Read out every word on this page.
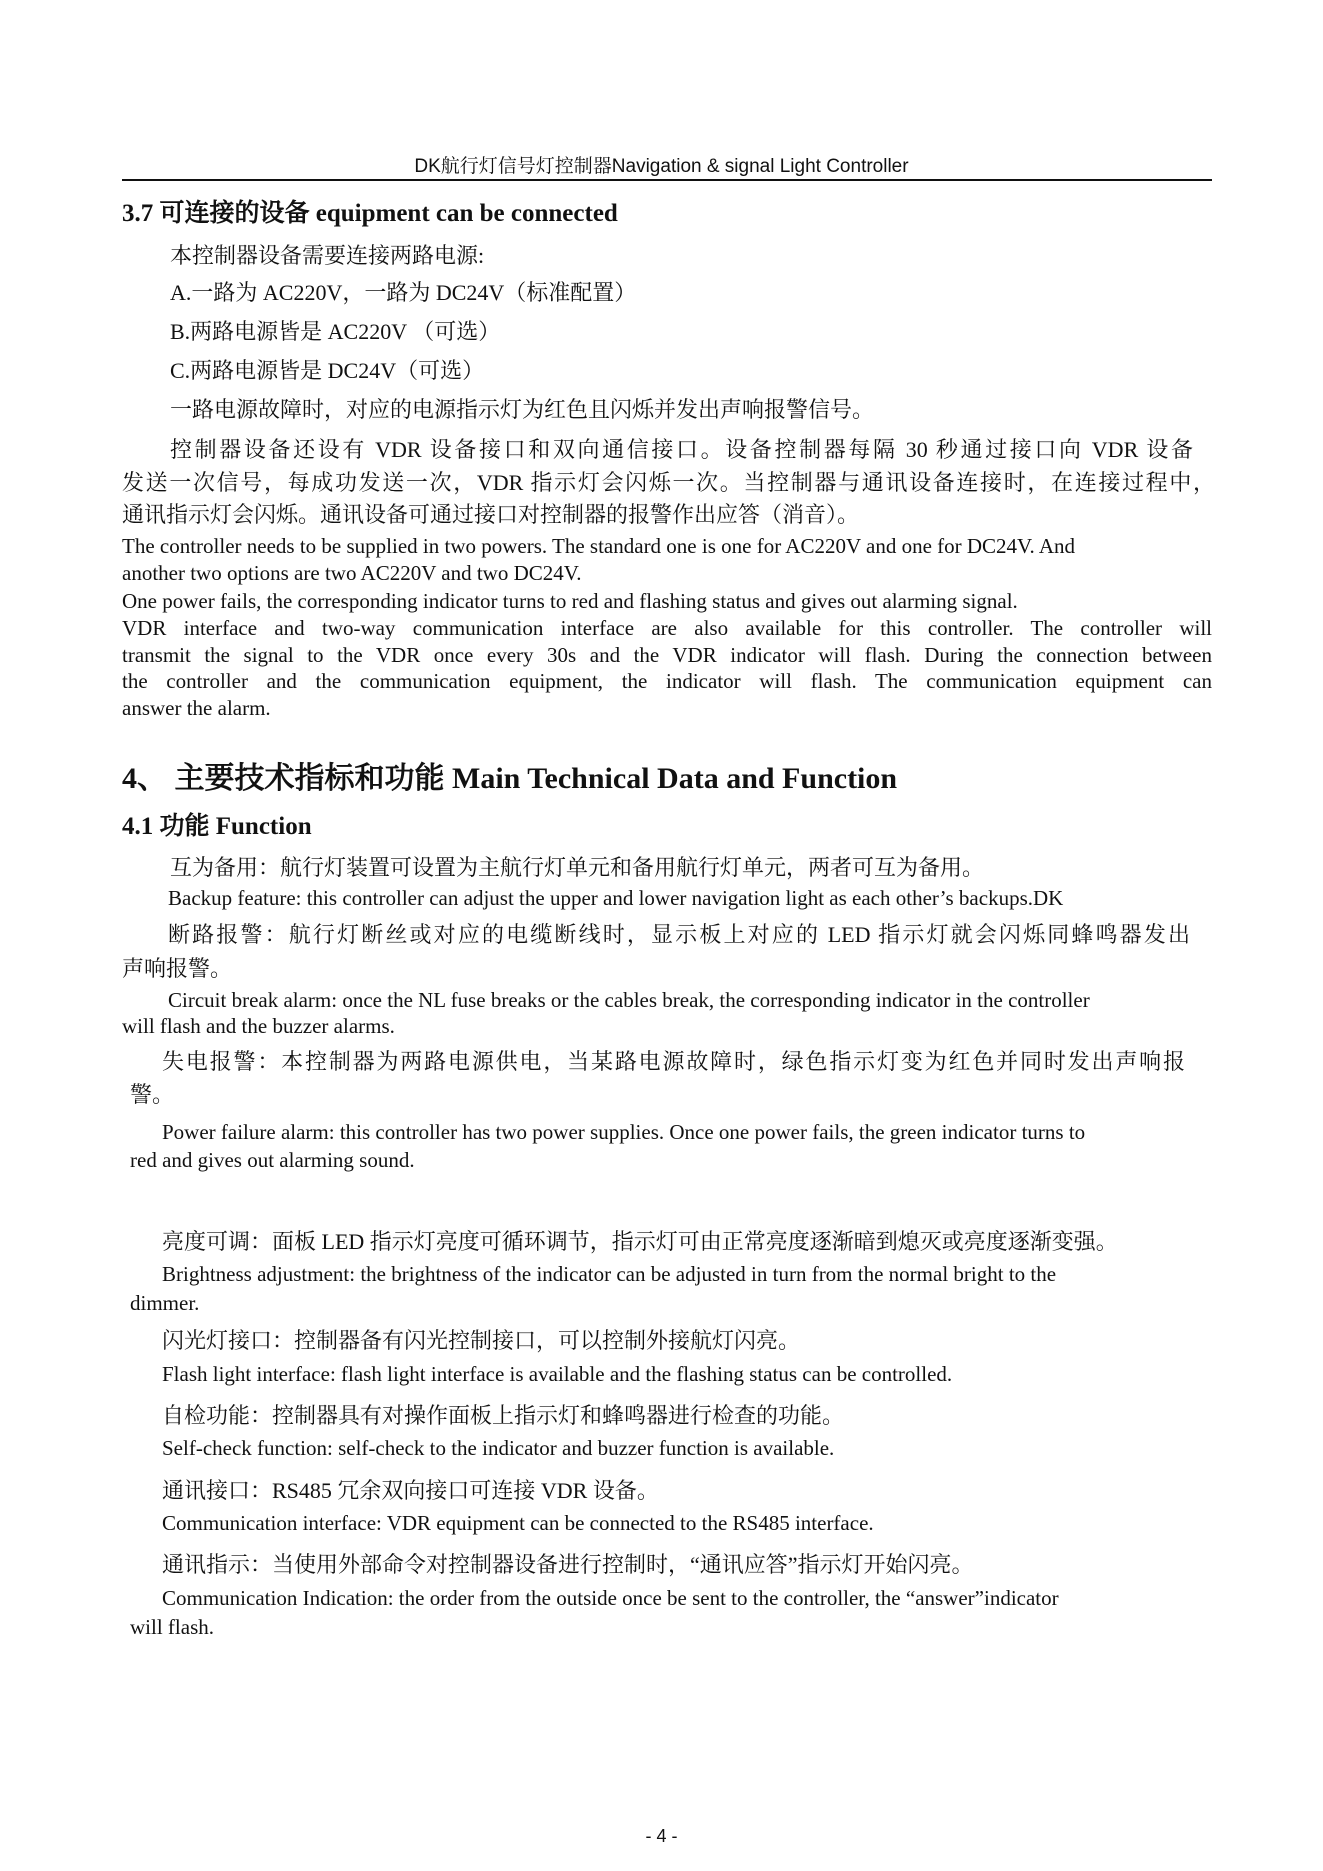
DK航行灯信号灯控制器Navigation & signal Light Controller
3.7 可连接的设备 equipment can be connected
本控制器设备需要连接两路电源:
A.一路为 AC220V，一路为 DC24V（标准配置）
B.两路电源皆是 AC220V （可选）
C.两路电源皆是 DC24V（可选）
一路电源故障时，对应的电源指示灯为红色且闪烁并发出声响报警信号。
控制器设备还设有 VDR 设备接口和双向通信接口。设备控制器每隔 30 秒通过接口向 VDR 设备
发送一次信号，每成功发送一次，VDR 指示灯会闪烁一次。当控制器与通讯设备连接时，在连接过程中，
通讯指示灯会闪烁。通讯设备可通过接口对控制器的报警作出应答（消音）。
The controller needs to be supplied in two powers. The standard one is one for AC220V and one for DC24V. And
another two options are two AC220V and two DC24V.
One power fails, the corresponding indicator turns to red and flashing status and gives out alarming signal.
VDR interface and two-way communication interface are also available for this controller. The controller will
transmit the signal to the VDR once every 30s and the VDR indicator will flash. During the connection between
the controller and the communication equipment, the indicator will flash. The communication equipment can
answer the alarm.
4、 主要技术指标和功能 Main Technical Data and Function
4.1 功能 Function
互为备用：航行灯装置可设置为主航行灯单元和备用航行灯单元，两者可互为备用。
Backup feature: this controller can adjust the upper and lower navigation light as each other’s backups.DK
断路报警：航行灯断丝或对应的电缆断线时，显示板上对应的 LED 指示灯就会闪烁同蜂鸣器发出
声响报警。
Circuit break alarm: once the NL fuse breaks or the cables break, the corresponding indicator in the controller
will flash and the buzzer alarms.
失电报警：本控制器为两路电源供电，当某路电源故障时，绿色指示灯变为红色并同时发出声响报
警。
Power failure alarm: this controller has two power supplies. Once one power fails, the green indicator turns to
red and gives out alarming sound.
亮度可调：面板 LED 指示灯亮度可循环调节，指示灯可由正常亮度逐渐暗到熄灭或亮度逐渐变强。
Brightness adjustment: the brightness of the indicator can be adjusted in turn from the normal bright to the
dimmer.
闪光灯接口：控制器备有闪光控制接口，可以控制外接航灯闪亮。
Flash light interface: flash light interface is available and the flashing status can be controlled.
自检功能：控制器具有对操作面板上指示灯和蜂鸣器进行检查的功能。
Self-check function: self-check to the indicator and buzzer function is available.
通讯接口：RS485 冗余双向接口可连接 VDR 设备。
Communication interface: VDR equipment can be connected to the RS485 interface.
通讯指示：当使用外部命令对控制器设备进行控制时，“通讯应答”指示灯开始闪亮。
Communication Indication: the order from the outside once be sent to the controller, the “answer”indicator
will flash.
- 4 -
